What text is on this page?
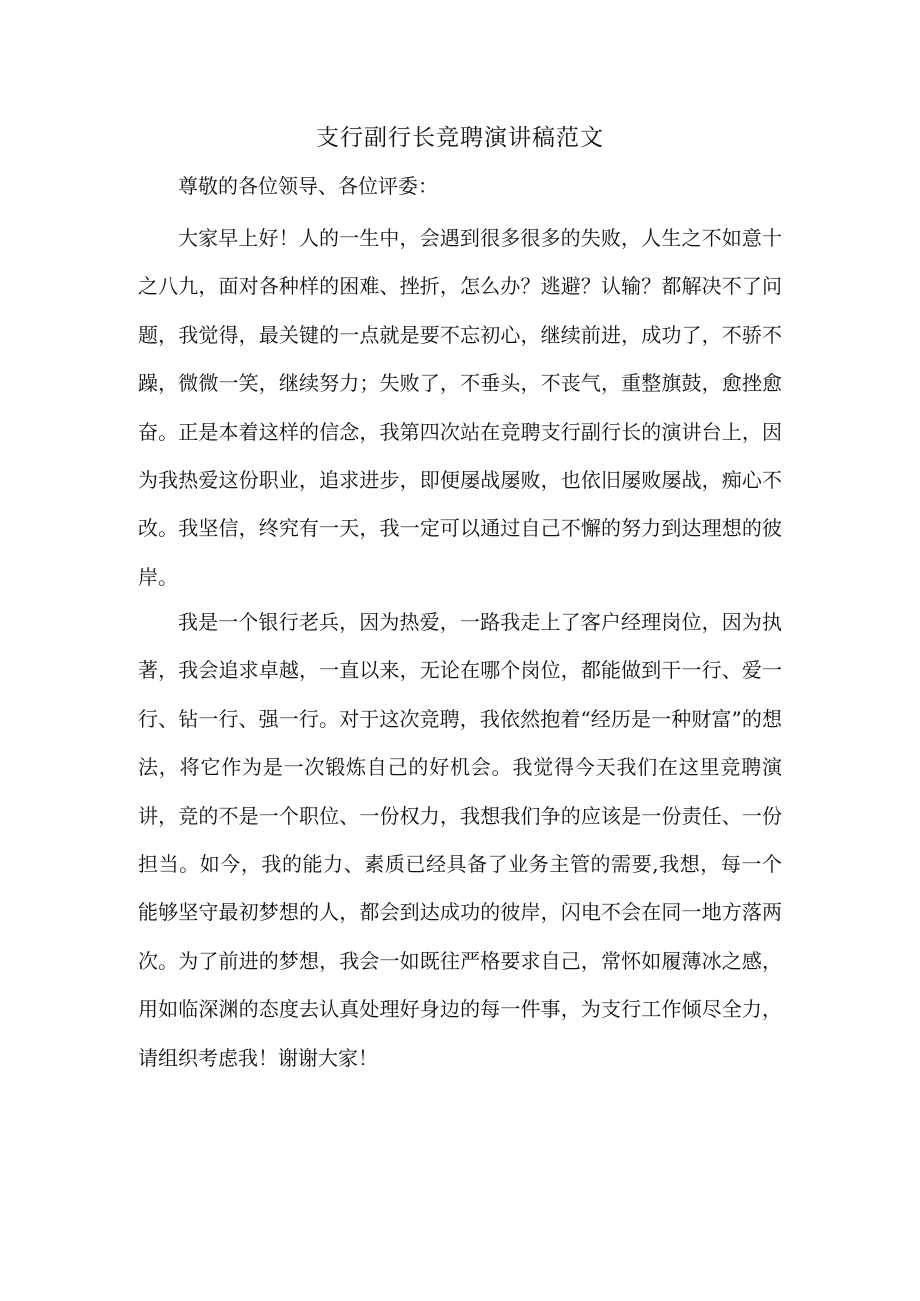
支行副行长竞聘演讲稿范文

尊敬的各位领导、各位评委：

大家早上好！人的一生中，会遇到很多很多的失败，人生之不如意十之八九，面对各种样的困难、挫折，怎么办？逃避？认输？都解决不了问题，我觉得，最关键的一点就是要不忘初心，继续前进，成功了，不骄不躁，微微一笑，继续努力；失败了，不垂头，不丧气，重整旗鼓，愈挫愈奋。正是本着这样的信念，我第四次站在竞聘支行副行长的演讲台上，因为我热爱这份职业，追求进步，即便屡战屡败，也依旧屡败屡战，痴心不改。我坚信，终究有一天，我一定可以通过自己不懈的努力到达理想的彼岸。

我是一个银行老兵，因为热爱，一路我走上了客户经理岗位，因为执著，我会追求卓越，一直以来，无论在哪个岗位，都能做到干一行、爱一行、钻一行、强一行。对于这次竞聘，我依然抱着“经历是一种财富”的想法，将它作为是一次锻炼自己的好机会。我觉得今天我们在这里竞聘演讲，竞的不是一个职位、一份权力，我想我们争的应该是一份责任、一份担当。如今，我的能力、素质已经具备了业务主管的需要,我想，每一个能够坚守最初梦想的人，都会到达成功的彼岸，闪电不会在同一地方落两次。为了前进的梦想，我会一如既往严格要求自己，常怀如履薄冰之感，用如临深渊的态度去认真处理好身边的每一件事，为支行工作倾尽全力，请组织考虑我！谢谢大家！
